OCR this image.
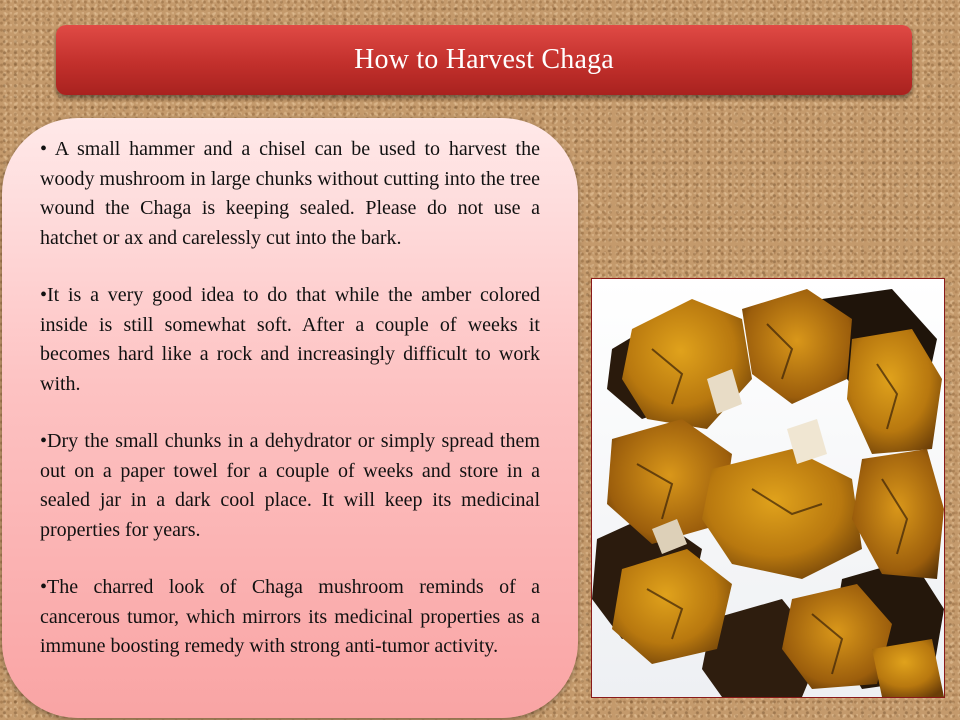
How to Harvest Chaga

• A small hammer and a chisel can be used to harvest the woody mushroom in large chunks without cutting into the tree wound the Chaga is keeping sealed. Please do not use a hatchet or ax and carelessly cut into the bark.

•It is a very good idea to do that while the amber colored inside is still somewhat soft. After a couple of weeks it becomes hard like a rock and increasingly difficult to work with.

•Dry the small chunks in a dehydrator or simply spread them out on a paper towel for a couple of weeks and store in a sealed jar in a dark cool place. It will keep its medicinal properties for years.

•The charred look of Chaga mushroom reminds of a cancerous tumor, which mirrors its medicinal properties as a immune boosting remedy with strong anti-tumor activity.
